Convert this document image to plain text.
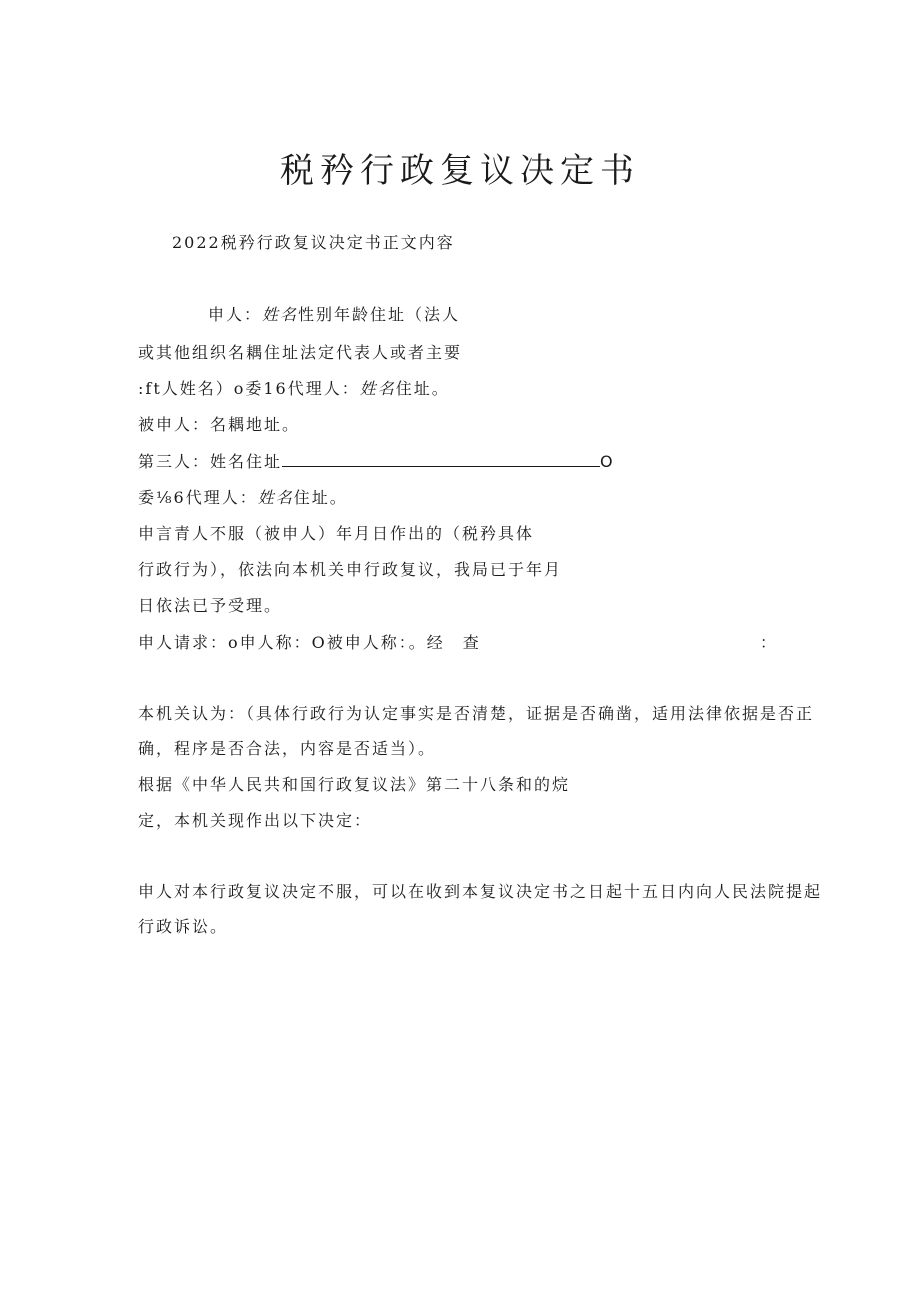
税矜行政复议决定书
2022税矜行政复议决定书正文内容
申人：姓名性别年龄住址（法人
或其他组织名耦住址法定代表人或者主要
:ft人姓名）o委16代理人：姓名住址。
被申人：名耦地址。
第三人：姓名住址	O
委⅛6代理人：姓名住址。
申言青人不服（被申人）年月日作出的（税矜具体
行政行为），依法向本机关申行政复议，我局已于年月
日依法已予受理。
申人请求：o申人称：O被申人称：。经　查	：
本机关认为：（具体行政行为认定事实是否清楚，证据是否确凿，适用法律依据是否正
确，程序是否合法，内容是否适当）。
根据《中华人民共和国行政复议法》第二十八条和的烷
定，本机关现作出以下决定：
申人对本行政复议决定不服，可以在收到本复议决定书之日起十五日内向人民法院提起
行政诉讼。
